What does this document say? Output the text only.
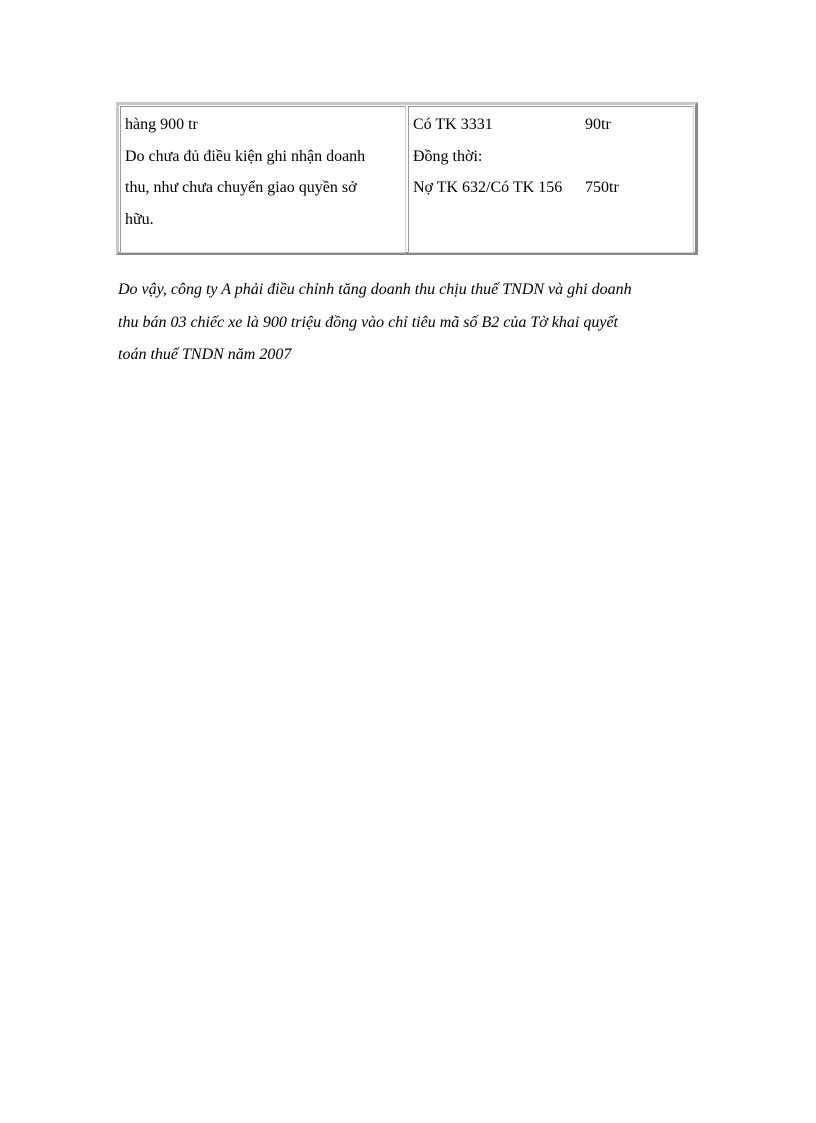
hàng 900 tr
Do chưa đủ điều kiện ghi nhận doanh
thu, như chưa chuyển giao quyền sở
hữu.
Có TK 3331	90tr
Đồng thời:
Nợ TK 632/Có TK 156 750tr
Do vậy, công ty A phải điều chỉnh tăng doanh thu chịu thuế TNDN và ghi doanh
thu bán 03 chiếc xe là 900 triệu đồng vào chỉ tiêu mã số B2 của Tờ khai quyết
toán thuế TNDN năm 2007
